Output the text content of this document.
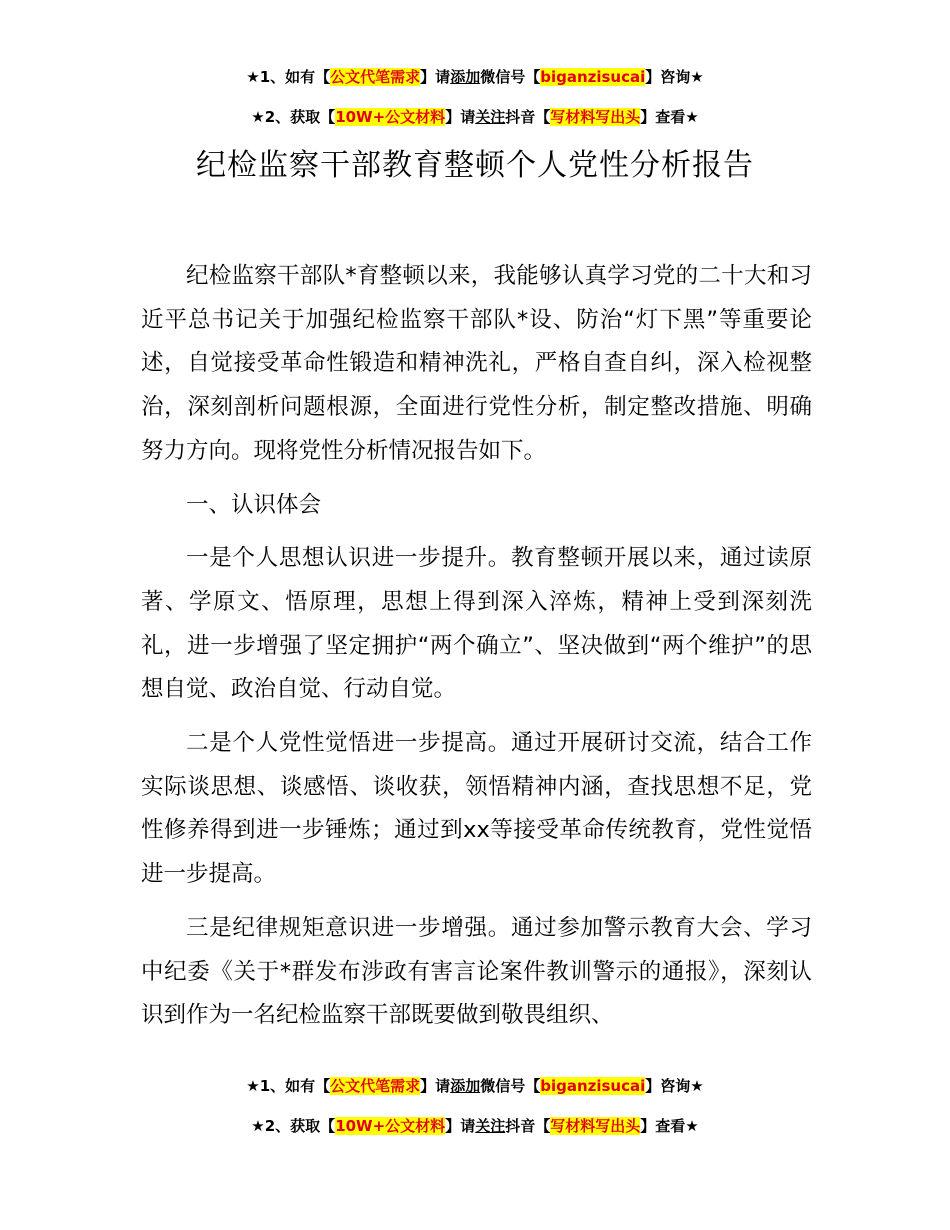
★1、如有【公文代笔需求】请添加微信号【biganzisucai】咨询★
★2、获取【10W+公文材料】请关注抖音【写材料写出头】查看★
纪检监察干部教育整顿个人党性分析报告

纪检监察干部队*育整顿以来，我能够认真学习党的二十大和习近平总书记关于加强纪检监察干部队*设、防治“灯下黑”等重要论述，自觉接受革命性锻造和精神洗礼，严格自查自纠，深入检视整治，深刻剖析问题根源，全面进行党性分析，制定整改措施、明确努力方向。现将党性分析情况报告如下。

一、认识体会

一是个人思想认识进一步提升。教育整顿开展以来，通过读原著、学原文、悟原理，思想上得到深入淬炼，精神上受到深刻洗礼，进一步增强了坚定拥护“两个确立”、坚决做到“两个维护”的思想自觉、政治自觉、行动自觉。

二是个人党性觉悟进一步提高。通过开展研讨交流，结合工作实际谈思想、谈感悟、谈收获，领悟精神内涵，查找思想不足，党性修养得到进一步锤炼；通过到xx等接受革命传统教育，党性觉悟进一步提高。

三是纪律规矩意识进一步增强。通过参加警示教育大会、学习中纪委《关于*群发布涉政有害言论案件教训警示的通报》，深刻认识到作为一名纪检监察干部既要做到敬畏组织、

★1、如有【公文代笔需求】请添加微信号【biganzisucai】咨询★
★2、获取【10W+公文材料】请关注抖音【写材料写出头】查看★
